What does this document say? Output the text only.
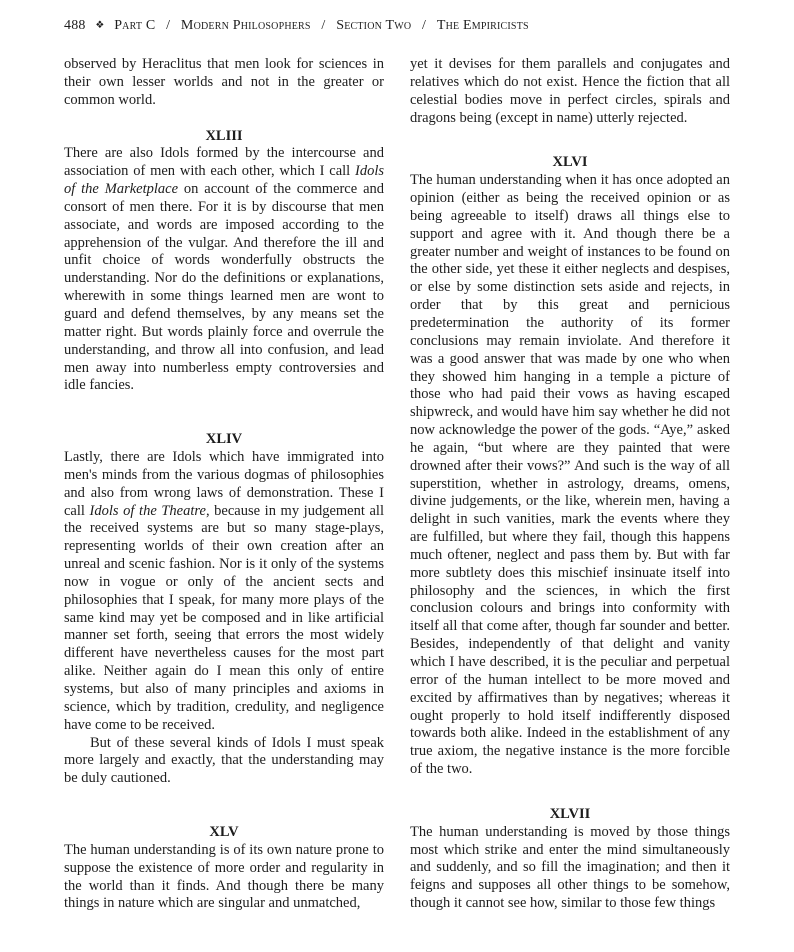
488 ❖ Part C / Modern Philosophers / Section Two / The Empiricists

observed by Heraclitus that men look for sciences in their own lesser worlds and not in the greater or common world.

XLIII

There are also Idols formed by the intercourse and association of men with each other, which I call Idols of the Marketplace on account of the commerce and consort of men there. For it is by discourse that men associate, and words are imposed according to the apprehension of the vulgar. And therefore the ill and unfit choice of words wonderfully obstructs the understanding. Nor do the definitions or explanations, wherewith in some things learned men are wont to guard and defend themselves, by any means set the matter right. But words plainly force and overrule the understanding, and throw all into confusion, and lead men away into numberless empty controversies and idle fancies.

XLIV

Lastly, there are Idols which have immigrated into men's minds from the various dogmas of philosophies and also from wrong laws of demonstration. These I call Idols of the Theatre, because in my judgement all the received systems are but so many stage-plays, representing worlds of their own creation after an unreal and scenic fashion. Nor is it only of the systems now in vogue or only of the ancient sects and philosophies that I speak, for many more plays of the same kind may yet be composed and in like artificial manner set forth, seeing that errors the most widely different have nevertheless causes for the most part alike. Neither again do I mean this only of entire systems, but also of many principles and axioms in science, which by tradition, credulity, and negligence have come to be received.

But of these several kinds of Idols I must speak more largely and exactly, that the understanding may be duly cautioned.

XLV

The human understanding is of its own nature prone to suppose the existence of more order and regularity in the world than it finds. And though there be many things in nature which are singular and unmatched,

yet it devises for them parallels and conjugates and relatives which do not exist. Hence the fiction that all celestial bodies move in perfect circles, spirals and dragons being (except in name) utterly rejected.

XLVI

The human understanding when it has once adopted an opinion (either as being the received opinion or as being agreeable to itself) draws all things else to support and agree with it. And though there be a greater number and weight of instances to be found on the other side, yet these it either neglects and despises, or else by some distinction sets aside and rejects, in order that by this great and pernicious predetermination the authority of its former conclusions may remain inviolate. And therefore it was a good answer that was made by one who when they showed him hanging in a temple a picture of those who had paid their vows as having escaped shipwreck, and would have him say whether he did not now acknowledge the power of the gods. “Aye,” asked he again, “but where are they painted that were drowned after their vows?” And such is the way of all superstition, whether in astrology, dreams, omens, divine judgements, or the like, wherein men, having a delight in such vanities, mark the events where they are fulfilled, but where they fail, though this happens much oftener, neglect and pass them by. But with far more subtlety does this mischief insinuate itself into philosophy and the sciences, in which the first conclusion colours and brings into conformity with itself all that come after, though far sounder and better. Besides, independently of that delight and vanity which I have described, it is the peculiar and perpetual error of the human intellect to be more moved and excited by affirmatives than by negatives; whereas it ought properly to hold itself indifferently disposed towards both alike. Indeed in the establishment of any true axiom, the negative instance is the more forcible of the two.

XLVII

The human understanding is moved by those things most which strike and enter the mind simultaneously and suddenly, and so fill the imagination; and then it feigns and supposes all other things to be somehow, though it cannot see how, similar to those few things
